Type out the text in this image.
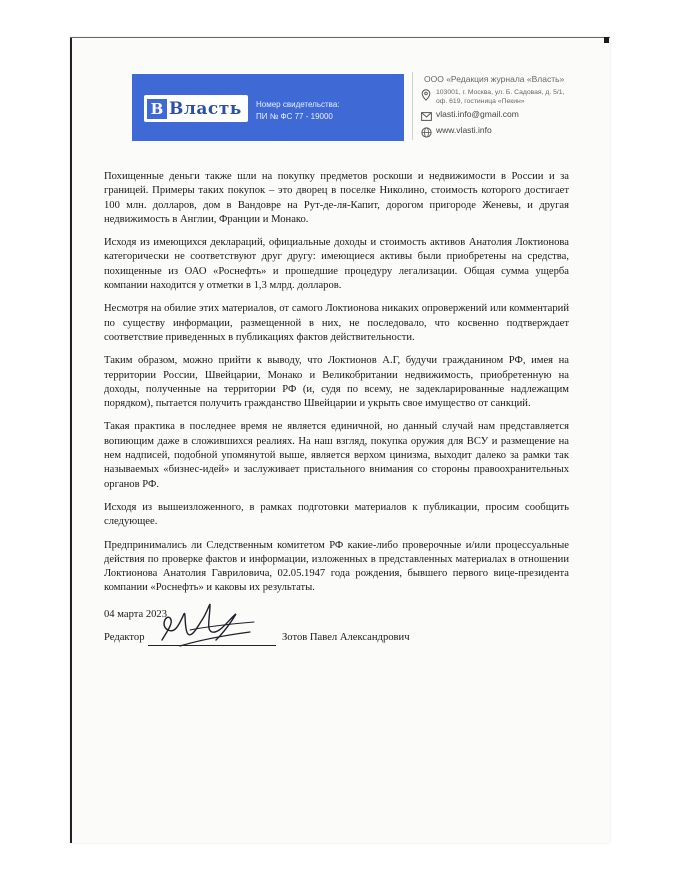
В Власть Номер свидетельства:
ПИ № ФС 77 - 19000
ООО «Редакция журнала «Власть»
103001, г. Москва, ул. Б. Садовая, д. 5/1,
оф. 619, гостиница «Пекин»
vlasti.info@gmail.com
www.vlasti.info

Похищенные деньги также шли на покупку предметов роскоши и недвижимости в России и за границей. Примеры таких покупок – это дворец в поселке Николино, стоимость которого достигает 100 млн. долларов, дом в Вандовре на Рут-де-ля-Капит, дорогом пригороде Женевы, и другая недвижимость в Англии, Франции и Монако.

Исходя из имеющихся деклараций, официальные доходы и стоимость активов Анатолия Локтионова категорически не соответствуют друг другу: имеющиеся активы были приобретены на средства, похищенные из ОАО «Роснефть» и прошедшие процедуру легализации. Общая сумма ущерба компании находится у отметки в 1,3 млрд. долларов.

Несмотря на обилие этих материалов, от самого Локтионова никаких опровержений или комментарий по существу информации, размещенной в них, не последовало, что косвенно подтверждает соответствие приведенных в публикациях фактов действительности.

Таким образом, можно прийти к выводу, что Локтионов А.Г, будучи гражданином РФ, имея на территории России, Швейцарии, Монако и Великобритании недвижимость, приобретенную на доходы, полученные на территории РФ (и, судя по всему, не задекларированные надлежащим порядком), пытается получить гражданство Швейцарии и укрыть свое имущество от санкций.

Такая практика в последнее время не является единичной, но данный случай нам представляется вопиющим даже в сложившихся реалиях. На наш взгляд, покупка оружия для ВСУ и размещение на нем надписей, подобной упомянутой выше, является верхом цинизма, выходит далеко за рамки так называемых «бизнес-идей» и заслуживает пристального внимания со стороны правоохранительных органов РФ.

Исходя из вышеизложенного, в рамках подготовки материалов к публикации, просим сообщить следующее.

Предпринимались ли Следственным комитетом РФ какие-либо проверочные и/или процессуальные действия по проверке фактов и информации, изложенных в представленных материалах в отношении Локтионова Анатолия Гавриловича, 02.05.1947 года рождения, бывшего первого вице-президента компании «Роснефть» и каковы их результаты.

04 марта 2023
Редактор	Зотов Павел Александрович
